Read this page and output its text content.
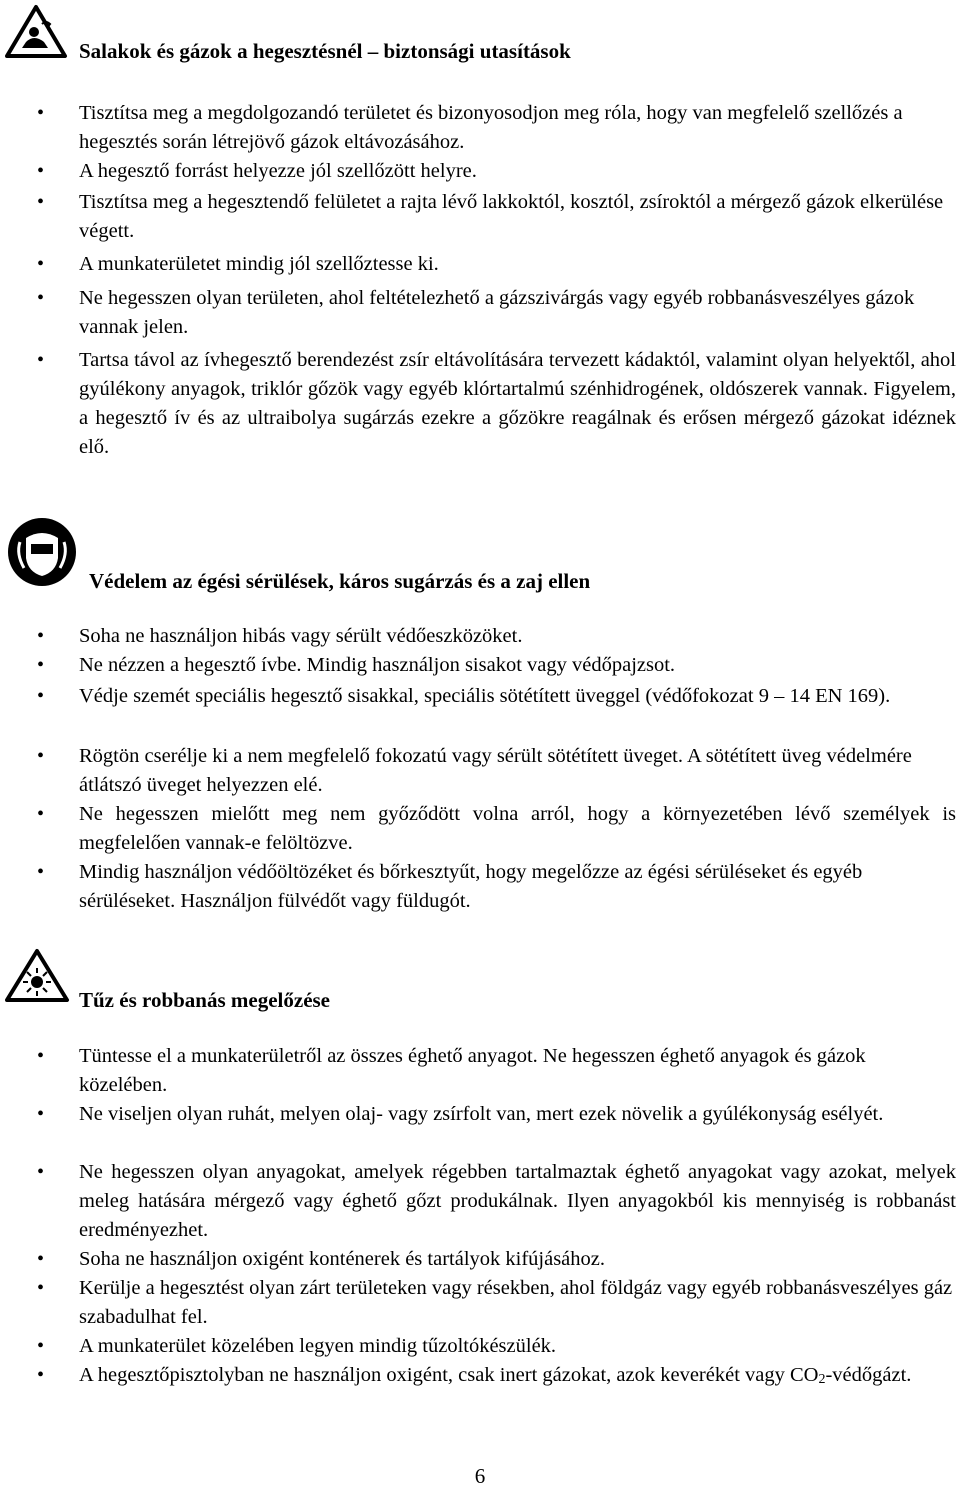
Salakok és gázok a hegesztésnél – biztonsági utasítások
• Tisztítsa meg a megdolgozandó területet és bizonyosodjon meg róla, hogy van megfelelő szellőzés a hegesztés során létrejövő gázok eltávozásához.
• A hegesztő forrást helyezze jól szellőzött helyre.
• Tisztítsa meg a hegesztendő felületet a rajta lévő lakkoktól, kosztól, zsíroktól a mérgező gázok elkerülése végett.
• A munkaterületet mindig jól szellőztesse ki.
• Ne hegesszen olyan területen, ahol feltételezhető a gázszivárgás vagy egyéb robbanásveszélyes gázok vannak jelen.
• Tartsa távol az ívhegesztő berendezést zsír eltávolítására tervezett kádaktól, valamint olyan helyektől, ahol gyúlékony anyagok, triklór gőzök vagy egyéb klórtartalmú szénhidrogének, oldószerek vannak. Figyelem, a hegesztő ív és az ultraibolya sugárzás ezekre a gőzökre reagálnak és erősen mérgező gázokat idéznek elő.
Védelem az égési sérülések, káros sugárzás és a zaj ellen
• Soha ne használjon hibás vagy sérült védőeszközöket.
• Ne nézzen a hegesztő ívbe. Mindig használjon sisakot vagy védőpajzsot.
• Védje szemét speciális hegesztő sisakkal, speciális sötétített üveggel (védőfokozat 9 – 14 EN 169).
• Rögtön cserélje ki a nem megfelelő fokozatú vagy sérült sötétített üveget. A sötétített üveg védelmére átlátszó üveget helyezzen elé.
• Ne hegesszen mielőtt meg nem győződött volna arról, hogy a környezetében lévő személyek is megfelelően vannak-e felöltözve.
• Mindig használjon védőöltözéket és bőrkesztyűt, hogy megelőzze az égési sérüléseket és egyéb sérüléseket. Használjon fülvédőt vagy füldugót.
Tűz és robbanás megelőzése
• Tüntesse el a munkaterületről az összes éghető anyagot. Ne hegesszen éghető anyagok és gázok közelében.
• Ne viseljen olyan ruhát, melyen olaj- vagy zsírfolt van, mert ezek növelik a gyúlékonyság esélyét.
• Ne hegesszen olyan anyagokat, amelyek régebben tartalmaztak éghető anyagokat vagy azokat, melyek meleg hatására mérgező vagy éghető gőzt produkálnak. Ilyen anyagokból kis mennyiség is robbanást eredményezhet.
• Soha ne használjon oxigént konténerek és tartályok kifújásához.
• Kerülje a hegesztést olyan zárt területeken vagy résekben, ahol földgáz vagy egyéb robbanásveszélyes gáz szabadulhat fel.
• A munkaterület közelében legyen mindig tűzoltókészülék.
• A hegesztőpisztolyban ne használjon oxigént, csak inert gázokat, azok keverékét vagy $CO_2$-védőgázt.
6
